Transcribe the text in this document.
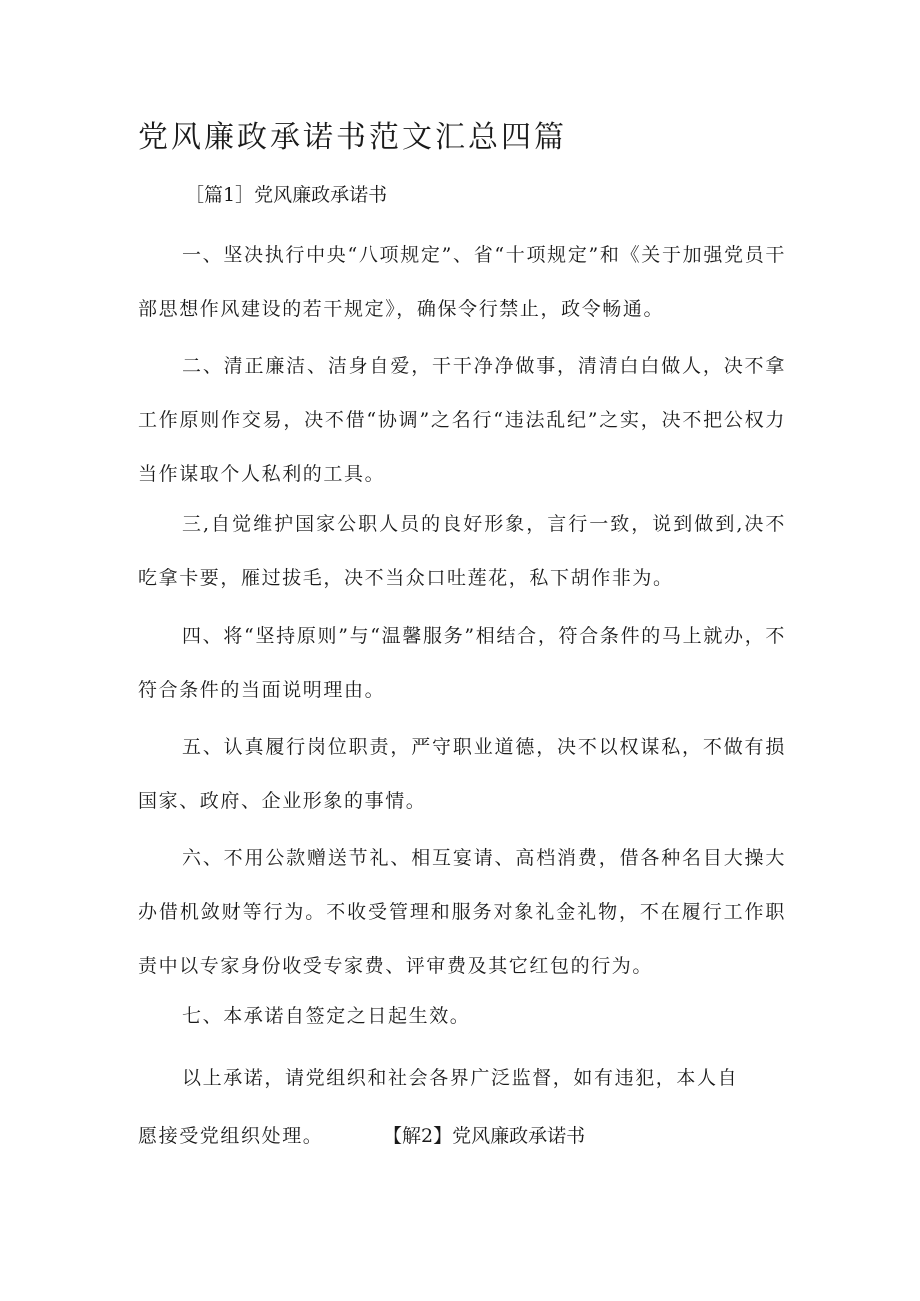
党风廉政承诺书范文汇总四篇
［篇1］党风廉政承诺书

一、坚决执行中央“八项规定”、省“十项规定”和《关于加强党员干部思想作风建设的若干规定》，确保令行禁止，政令畅通。

二、清正廉洁、洁身自爱，干干净净做事，清清白白做人，决不拿工作原则作交易，决不借“协调”之名行“违法乱纪”之实，决不把公权力当作谋取个人私利的工具。

三,自觉维护国家公职人员的良好形象，言行一致，说到做到,决不吃拿卡要，雁过拔毛，决不当众口吐莲花，私下胡作非为。

四、将“坚持原则”与“温馨服务”相结合，符合条件的马上就办，不符合条件的当面说明理由。

五、认真履行岗位职责，严守职业道德，决不以权谋私，不做有损国家、政府、企业形象的事情。

六、不用公款赠送节礼、相互宴请、高档消费，借各种名目大操大办借机敛财等行为。不收受管理和服务对象礼金礼物，不在履行工作职责中以专家身份收受专家费、评审费及其它红包的行为。

七、本承诺自签定之日起生效。

以上承诺，请党组织和社会各界广泛监督，如有违犯，本人自
愿接受党组织处理。	【解2】党风廉政承诺书
